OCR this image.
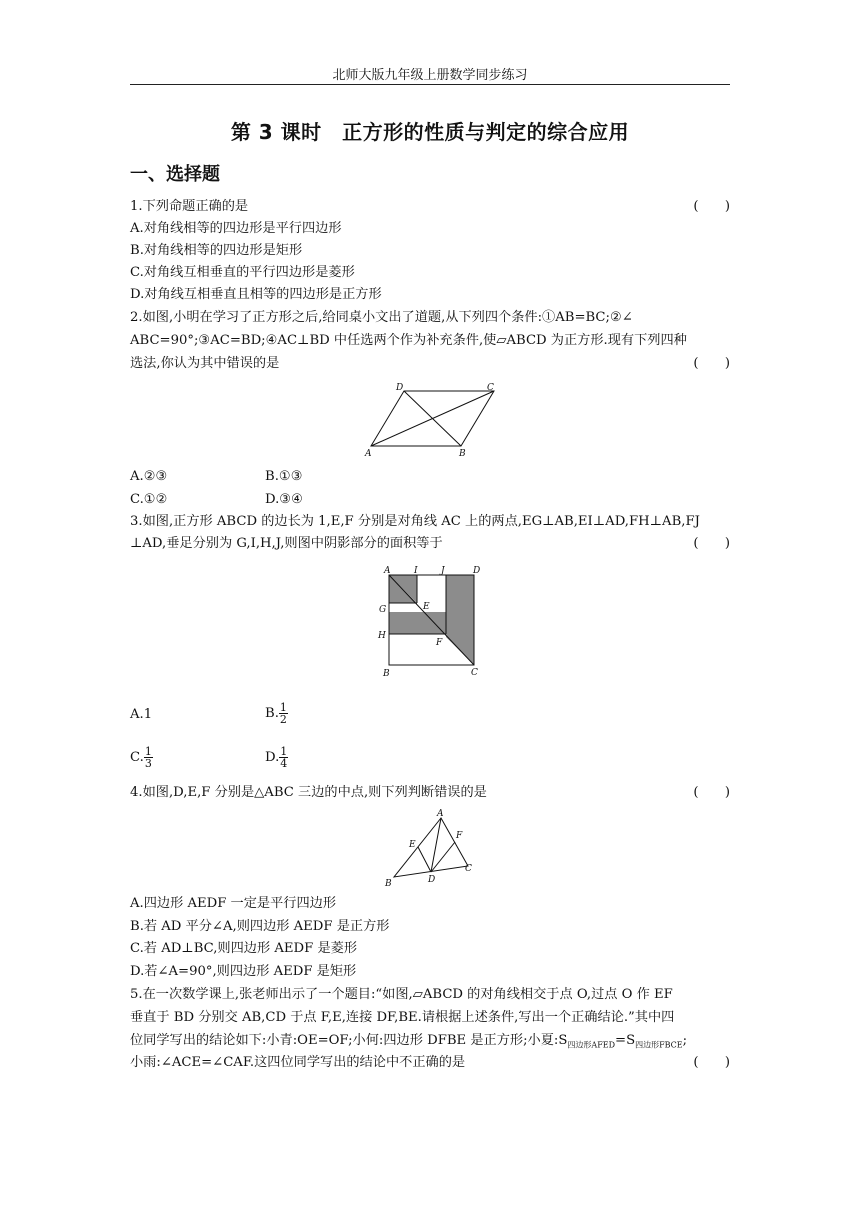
北师大版九年级上册数学同步练习
第 3 课时　正方形的性质与判定的综合应用
一、选择题
1.下列命题正确的是	(　　)
A.对角线相等的四边形是平行四边形
B.对角线相等的四边形是矩形
C.对角线互相垂直的平行四边形是菱形
D.对角线互相垂直且相等的四边形是正方形
2.如图,小明在学习了正方形之后,给同桌小文出了道题,从下列四个条件:①AB=BC;②∠
ABC=90°;③AC=BD;④AC⊥BD 中任选两个作为补充条件,使▱ABCD 为正方形.现有下列四种
选法,你认为其中错误的是	(　　)
D	C
A	B
A.②③	B.①③
C.①②	D.③④
3.如图,正方形 ABCD 的边长为 1,E,F 分别是对角线 AC 上的两点,EG⊥AB,EI⊥AD,FH⊥AB,FJ
⊥AD,垂足分别为 G,I,H,J,则图中阴影部分的面积等于	(　　)
A	I	J	D
G	E
H
F
B	C
A.1	B. $\frac{1}{2}$
C. $\frac{1}{3}$	D. $\frac{1}{4}$
4.如图,D,E,F 分别是△ABC 三边的中点,则下列判断错误的是	(　　)
A
F
E
C
B	D
A.四边形 AEDF 一定是平行四边形
B.若 AD 平分∠A,则四边形 AEDF 是正方形
C.若 AD⊥BC,则四边形 AEDF 是菱形
D.若∠A=90°,则四边形 AEDF 是矩形
5.在一次数学课上,张老师出示了一个题目:“如图,▱ABCD 的对角线相交于点 O,过点 O 作 EF
垂直于 BD 分别交 AB,CD 于点 F,E,连接 DF,BE.请根据上述条件,写出一个正确结论.”其中四
位同学写出的结论如下:小青:OE=OF;小何:四边形 DFBE 是正方形;小夏$:S_{四边形AFED}=S_{四边形FBCE}$;
小雨:∠ACE=∠CAF.这四位同学写出的结论中不正确的是	(　　)
